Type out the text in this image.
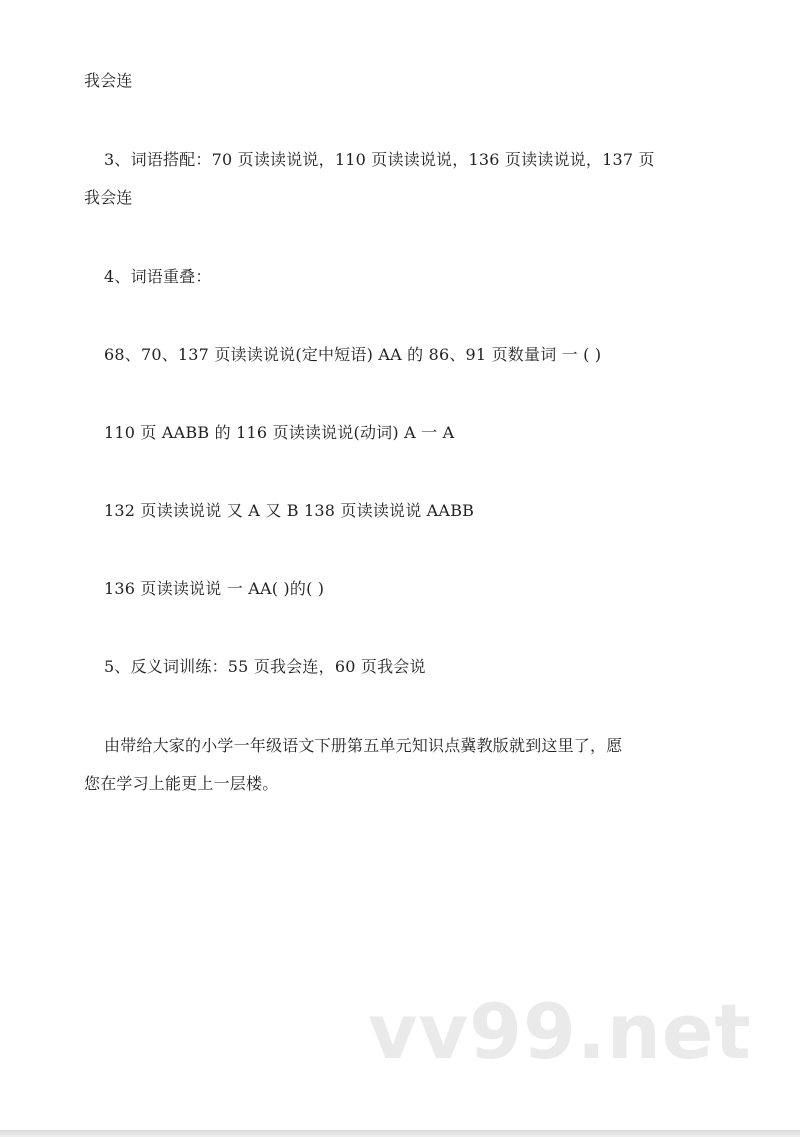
我会连
3、词语搭配：70 页读读说说，110 页读读说说，136 页读读说说，137 页
我会连
4、词语重叠：
68、70、137 页读读说说(定中短语) AA 的 86、91 页数量词 一 ( )
110 页 AABB 的 116 页读读说说(动词) A 一 A
132 页读读说说 又 A 又 B 138 页读读说说 AABB
136 页读读说说 一 AA( )的( )
5、反义词训练：55 页我会连，60 页我会说
由带给大家的小学一年级语文下册第五单元知识点冀教版就到这里了，愿
您在学习上能更上一层楼。
vv99.net
